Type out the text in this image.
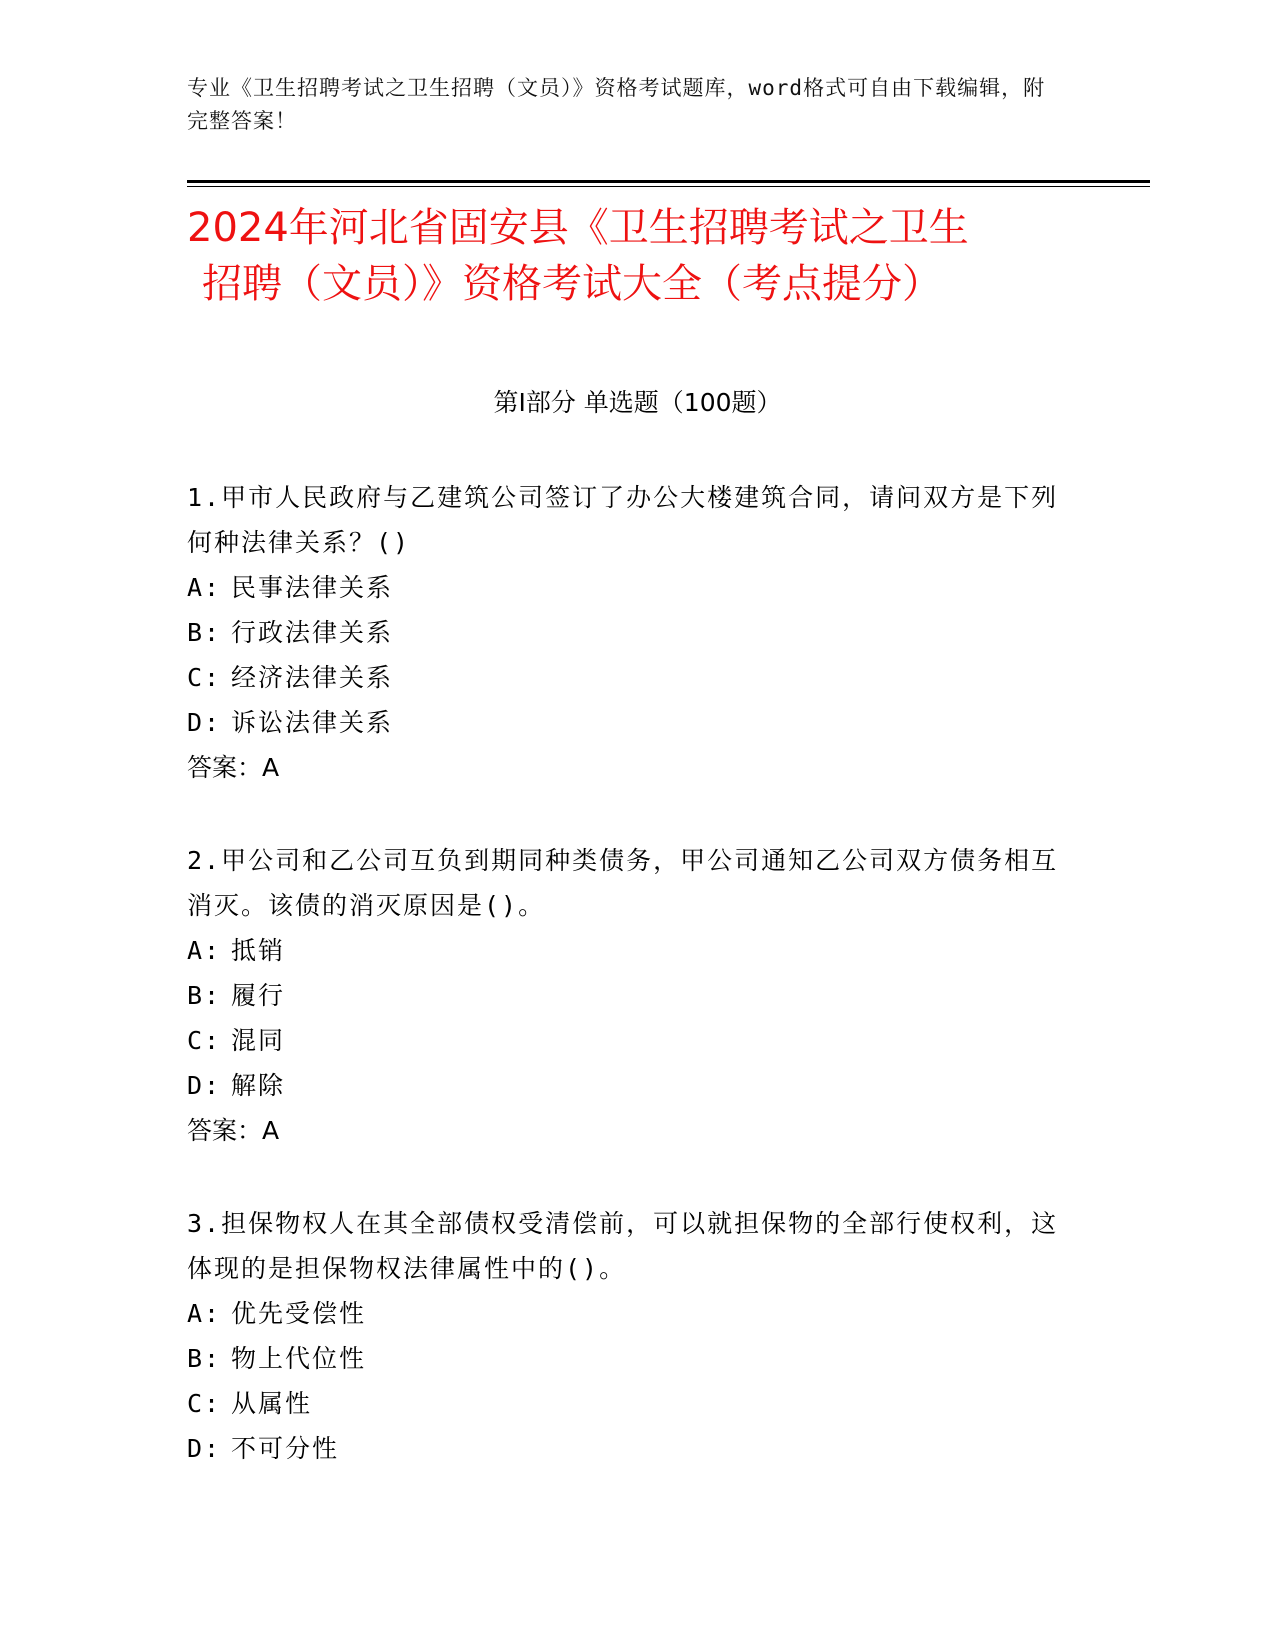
专业《卫生招聘考试之卫生招聘（文员）》资格考试题库，word格式可自由下载编辑，附完整答案！
2024年河北省固安县《卫生招聘考试之卫生
招聘（文员）》资格考试大全（考点提分）
第Ⅰ部分 单选题（100题）

1.甲市人民政府与乙建筑公司签订了办公大楼建筑合同，请问双方是下列何种法律关系？()

A: 民事法律关系
B: 行政法律关系
C: 经济法律关系
D: 诉讼法律关系
答案：A

2.甲公司和乙公司互负到期同种类债务，甲公司通知乙公司双方债务相互消灭。该债的消灭原因是()。

A: 抵销
B: 履行
C: 混同
D: 解除
答案：A

3.担保物权人在其全部债权受清偿前，可以就担保物的全部行使权利，这体现的是担保物权法律属性中的()。

A: 优先受偿性
B: 物上代位性
C: 从属性
D: 不可分性
